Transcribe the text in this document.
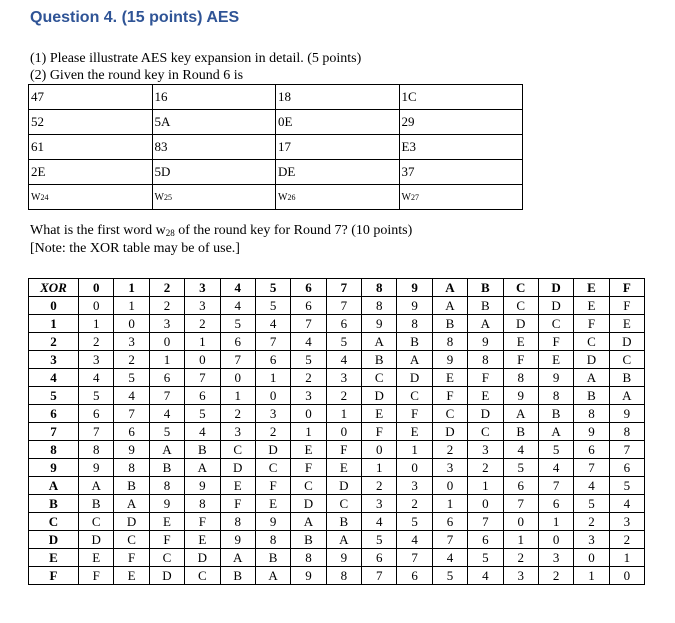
Question 4. (15 points) AES
(1) Please illustrate AES key expansion in detail. (5 points)
(2) Given the round key in Round 6 is
47	16	18	1C
52	5A	0E	29
61	83	17	E3
2E	5D	DE	37
W24	W25	W26	W27
What is the first word $w_{28}$ of the round key for Round 7? (10 points)
[Note: the XOR table may be of use.]
XOR	0	1	2	3	4	5	6	7	8	9	A	B	C	D	E	F
0	0	1	2	3	4	5	6	7	8	9	A	B	C	D	E	F
1	1	0	3	2	5	4	7	6	9	8	B	A	D	C	F	E
2	2	3	0	1	6	7	4	5	A	B	8	9	E	F	C	D
3	3	2	1	0	7	6	5	4	B	A	9	8	F	E	D	C
4	4	5	6	7	0	1	2	3	C	D	E	F	8	9	A	B
5	5	4	7	6	1	0	3	2	D	C	F	E	9	8	B	A
6	6	7	4	5	2	3	0	1	E	F	C	D	A	B	8	9
7	7	6	5	4	3	2	1	0	F	E	D	C	B	A	9	8
8	8	9	A	B	C	D	E	F	0	1	2	3	4	5	6	7
9	9	8	B	A	D	C	F	E	1	0	3	2	5	4	7	6
A	A	B	8	9	E	F	C	D	2	3	0	1	6	7	4	5
B	B	A	9	8	F	E	D	C	3	2	1	0	7	6	5	4
C	C	D	E	F	8	9	A	B	4	5	6	7	0	1	2	3
D	D	C	F	E	9	8	B	A	5	4	7	6	1	0	3	2
E	E	F	C	D	A	B	8	9	6	7	4	5	2	3	0	1
F	F	E	D	C	B	A	9	8	7	6	5	4	3	2	1	0
